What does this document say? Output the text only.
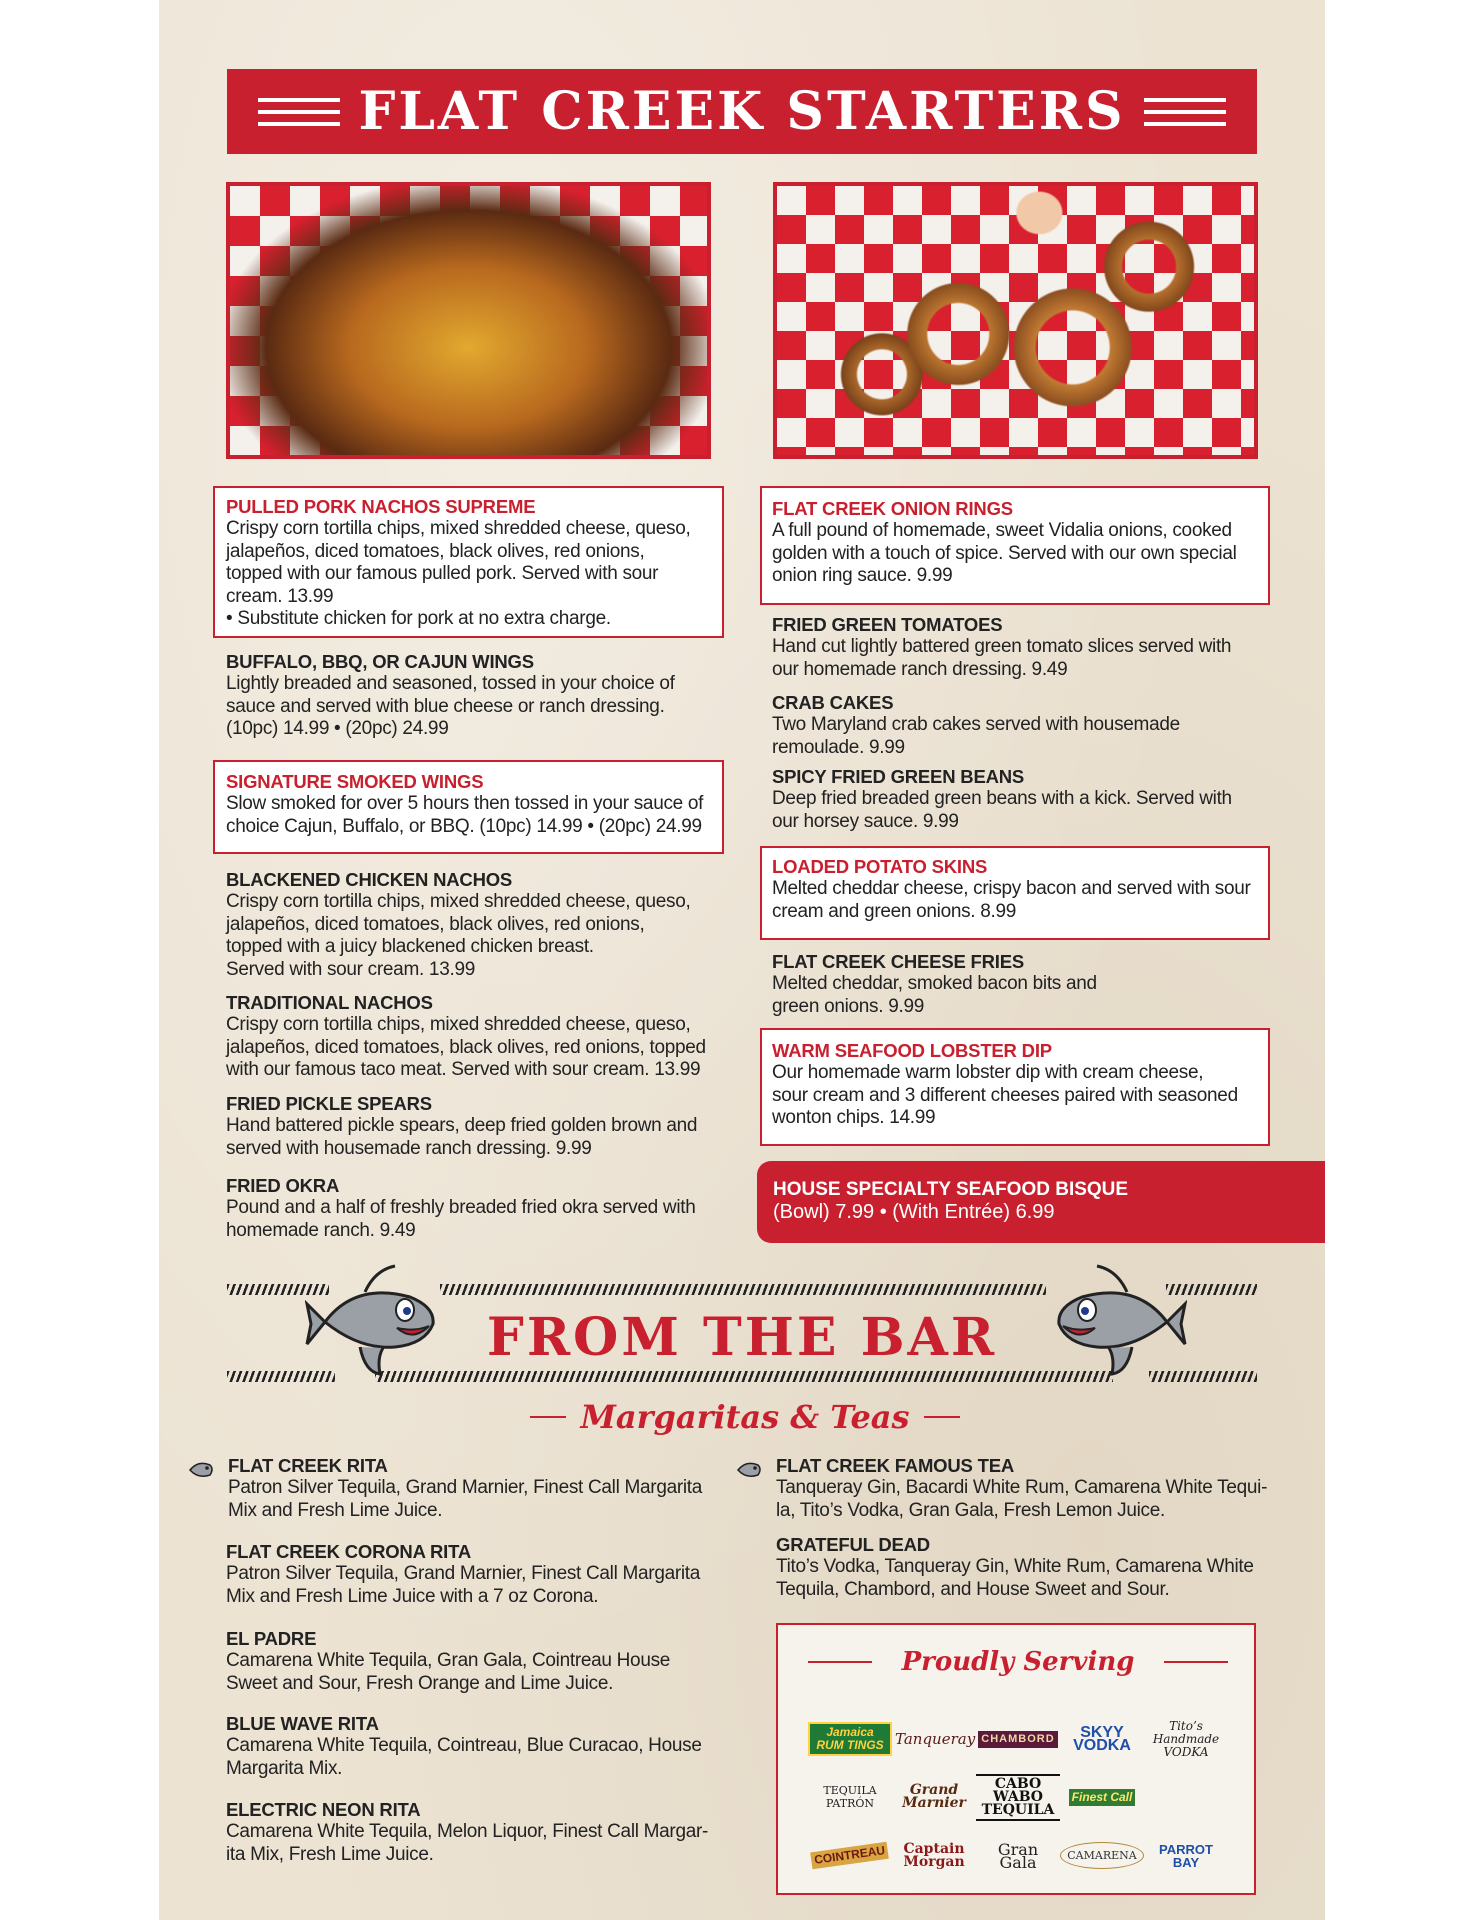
FLAT CREEK STARTERS
PULLED PORK NACHOS SUPREME
Crispy corn tortilla chips, mixed shredded cheese, queso,
jalapeños, diced tomatoes, black olives, red onions,
topped with our famous pulled pork. Served with sour
cream. 13.99
• Substitute chicken for pork at no extra charge.
BUFFALO, BBQ, OR CAJUN WINGS
Lightly breaded and seasoned, tossed in your choice of
sauce and served with blue cheese or ranch dressing.
(10pc) 14.99 • (20pc) 24.99
SIGNATURE SMOKED WINGS
Slow smoked for over 5 hours then tossed in your sauce of
choice Cajun, Buffalo, or BBQ. (10pc) 14.99 • (20pc) 24.99
BLACKENED CHICKEN NACHOS
Crispy corn tortilla chips, mixed shredded cheese, queso,
jalapeños, diced tomatoes, black olives, red onions,
topped with a juicy blackened chicken breast.
Served with sour cream. 13.99
TRADITIONAL NACHOS
Crispy corn tortilla chips, mixed shredded cheese, queso,
jalapeños, diced tomatoes, black olives, red onions, topped
with our famous taco meat. Served with sour cream. 13.99
FRIED PICKLE SPEARS
Hand battered pickle spears, deep fried golden brown and
served with housemade ranch dressing. 9.99
FRIED OKRA
Pound and a half of freshly breaded fried okra served with
homemade ranch. 9.49
FLAT CREEK ONION RINGS
A full pound of homemade, sweet Vidalia onions, cooked
golden with a touch of spice. Served with our own special
onion ring sauce. 9.99
FRIED GREEN TOMATOES
Hand cut lightly battered green tomato slices served with
our homemade ranch dressing. 9.49
CRAB CAKES
Two Maryland crab cakes served with housemade
remoulade. 9.99
SPICY FRIED GREEN BEANS
Deep fried breaded green beans with a kick. Served with
our horsey sauce. 9.99
LOADED POTATO SKINS
Melted cheddar cheese, crispy bacon and served with sour
cream and green onions. 8.99
FLAT CREEK CHEESE FRIES
Melted cheddar, smoked bacon bits and
green onions. 9.99
WARM SEAFOOD LOBSTER DIP
Our homemade warm lobster dip with cream cheese,
sour cream and 3 different cheeses paired with seasoned
wonton chips. 14.99
HOUSE SPECIALTY SEAFOOD BISQUE
(Bowl) 7.99 • (With Entrée) 6.99
FROM THE BAR
Margaritas & Teas
FLAT CREEK RITA
Patron Silver Tequila, Grand Marnier, Finest Call Margarita
Mix and Fresh Lime Juice.
FLAT CREEK CORONA RITA
Patron Silver Tequila, Grand Marnier, Finest Call Margarita
Mix and Fresh Lime Juice with a 7 oz Corona.
EL PADRE
Camarena White Tequila, Gran Gala, Cointreau House
Sweet and Sour, Fresh Orange and Lime Juice.
BLUE WAVE RITA
Camarena White Tequila, Cointreau, Blue Curacao, House
Margarita Mix.
ELECTRIC NEON RITA
Camarena White Tequila, Melon Liquor, Finest Call Margar-
ita Mix, Fresh Lime Juice.
FLAT CREEK FAMOUS TEA
Tanqueray Gin, Bacardi White Rum, Camarena White Tequi-
la, Tito’s Vodka, Gran Gala, Fresh Lemon Juice.
GRATEFUL DEAD
Tito’s Vodka, Tanqueray Gin, White Rum, Camarena White
Tequila, Chambord, and House Sweet and Sour.
Proudly Serving
Jamaica RUM TINGS Tanqueray CHAMBORD	SKYY VODKA
Tito’s Handmade VODKA
TEQUILA PATRÓN
Grand Marnier
CABO WABO TEQUILA
Finest Call
COINTREAU	Captain Morgan
Gran Gala	CAMARENA	PARROT BAY
